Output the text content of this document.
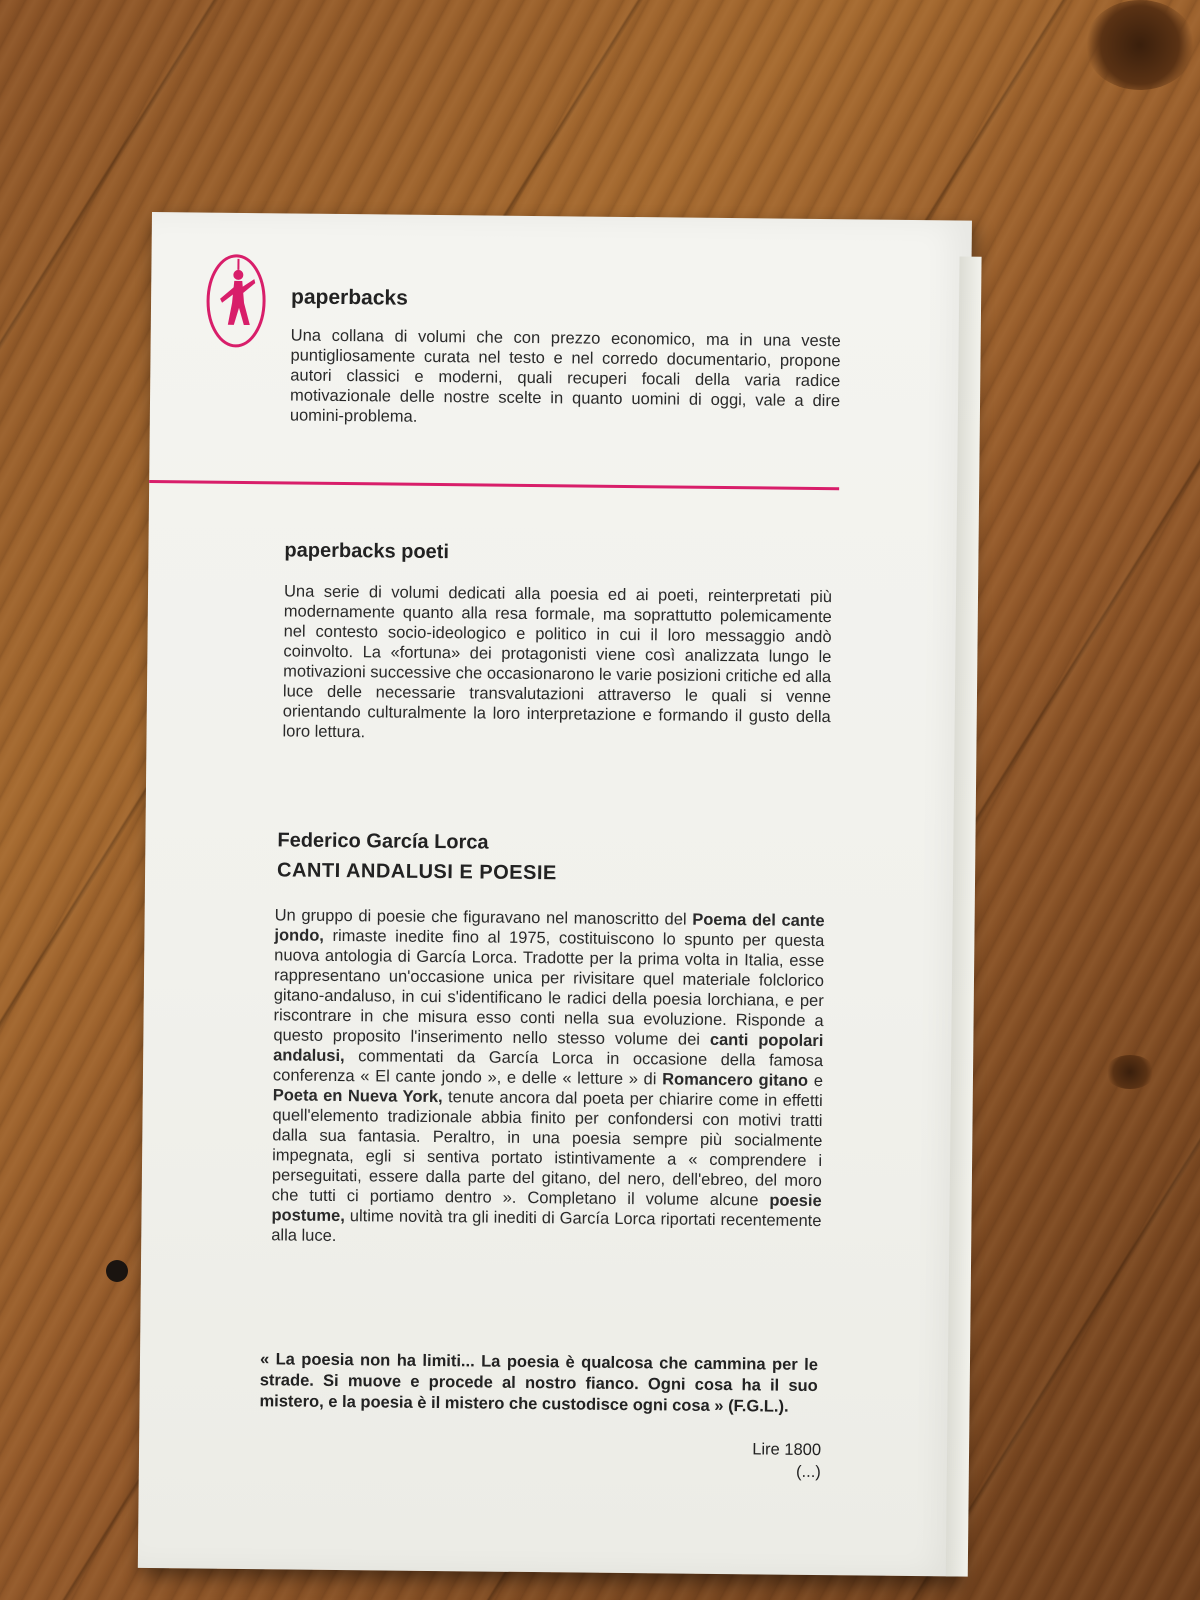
paperbacks
Una collana di volumi che con prezzo economico, ma in una veste puntigliosamente curata nel testo e nel corredo documentario, propone autori classici e moderni, quali recuperi focali della varia radice motivazionale delle nostre scelte in quanto uomini di oggi, vale a dire uomini-problema.
paperbacks poeti
Una serie di volumi dedicati alla poesia ed ai poeti, reinterpretati più modernamente quanto alla resa formale, ma soprattutto polemicamente nel contesto socio-ideologico e politico in cui il loro messaggio andò coinvolto. La «fortuna» dei protagonisti viene così analizzata lungo le motivazioni successive che occasionarono le varie posizioni critiche ed alla luce delle necessarie transvalutazioni attraverso le quali si venne orientando culturalmente la loro interpretazione e formando il gusto della loro lettura.
Federico García Lorca
CANTI ANDALUSI E POESIE
Un gruppo di poesie che figuravano nel manoscritto del Poema del cante jondo, rimaste inedite fino al 1975, costituiscono lo spunto per questa nuova antologia di García Lorca. Tradotte per la prima volta in Italia, esse rappresentano un'occasione unica per rivisitare quel materiale folclorico gitano-andaluso, in cui s'identificano le radici della poesia lorchiana, e per riscontrare in che misura esso conti nella sua evoluzione. Risponde a questo proposito l'inserimento nello stesso volume dei canti popolari andalusi, commentati da García Lorca in occasione della famosa conferenza « El cante jondo », e delle « letture » di Romancero gitano e Poeta en Nueva York, tenute ancora dal poeta per chiarire come in effetti quell'elemento tradizionale abbia finito per confondersi con motivi tratti dalla sua fantasia. Peraltro, in una poesia sempre più socialmente impegnata, egli si sentiva portato istintivamente a « comprendere i perseguitati, essere dalla parte del gitano, del nero, dell'ebreo, del moro che tutti ci portiamo dentro ». Completano il volume alcune poesie postume, ultime novità tra gli inediti di García Lorca riportati recentemente alla luce.
« La poesia non ha limiti... La poesia è qualcosa che cammina per le strade. Si muove e procede al nostro fianco. Ogni cosa ha il suo mistero, e la poesia è il mistero che custodisce ogni cosa » (F.G.L.).
Lire 1800
(...)
